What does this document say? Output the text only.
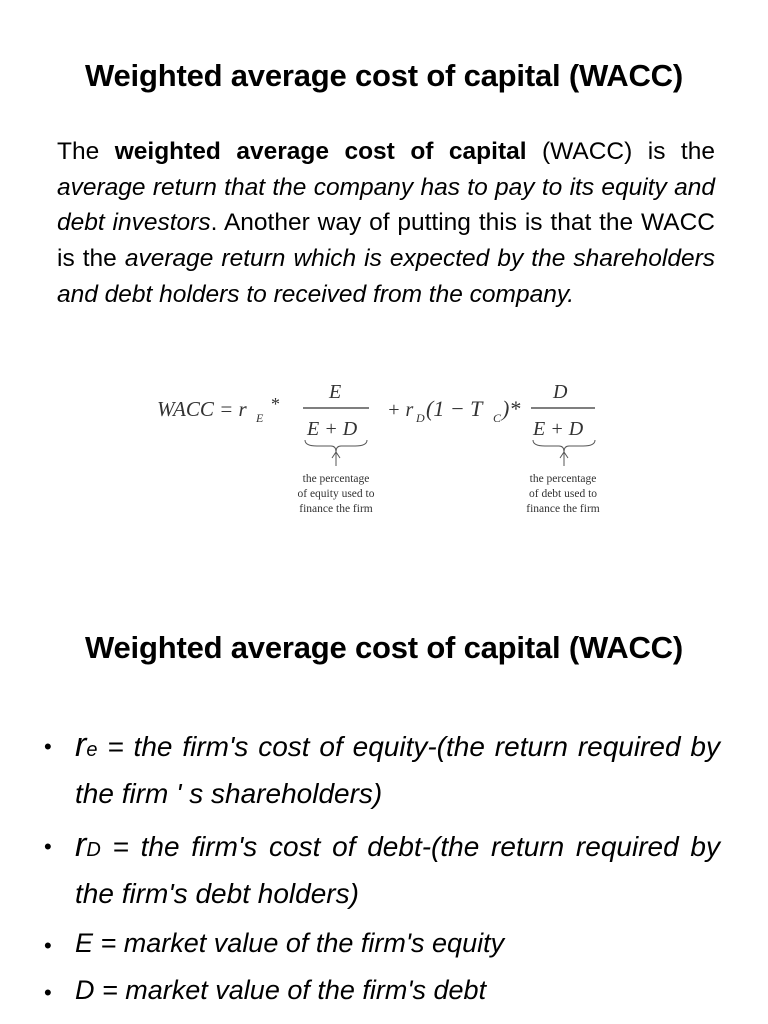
Weighted average cost of capital (WACC)

The weighted average cost of capital (WACC) is the average return that the company has to pay to its equity and debt investors. Another way of putting this is that the WACC is the average return which is expected by the shareholders and debt holders to received from the company.

WACC = r E
*
E
E + D
+ r D (1 − T C )*
D
E + D
the percentage
of equity used to
finance the firm
the percentage
of debt used to
finance the firm
Weighted average cost of capital (WACC)
• re = the firm's cost of equity-(the return required by the firm ' s shareholders)
• rD = the firm's cost of debt-(the return required by the firm's debt holders)
• E = market value of the firm's equity
• D = market value of the firm's debt
